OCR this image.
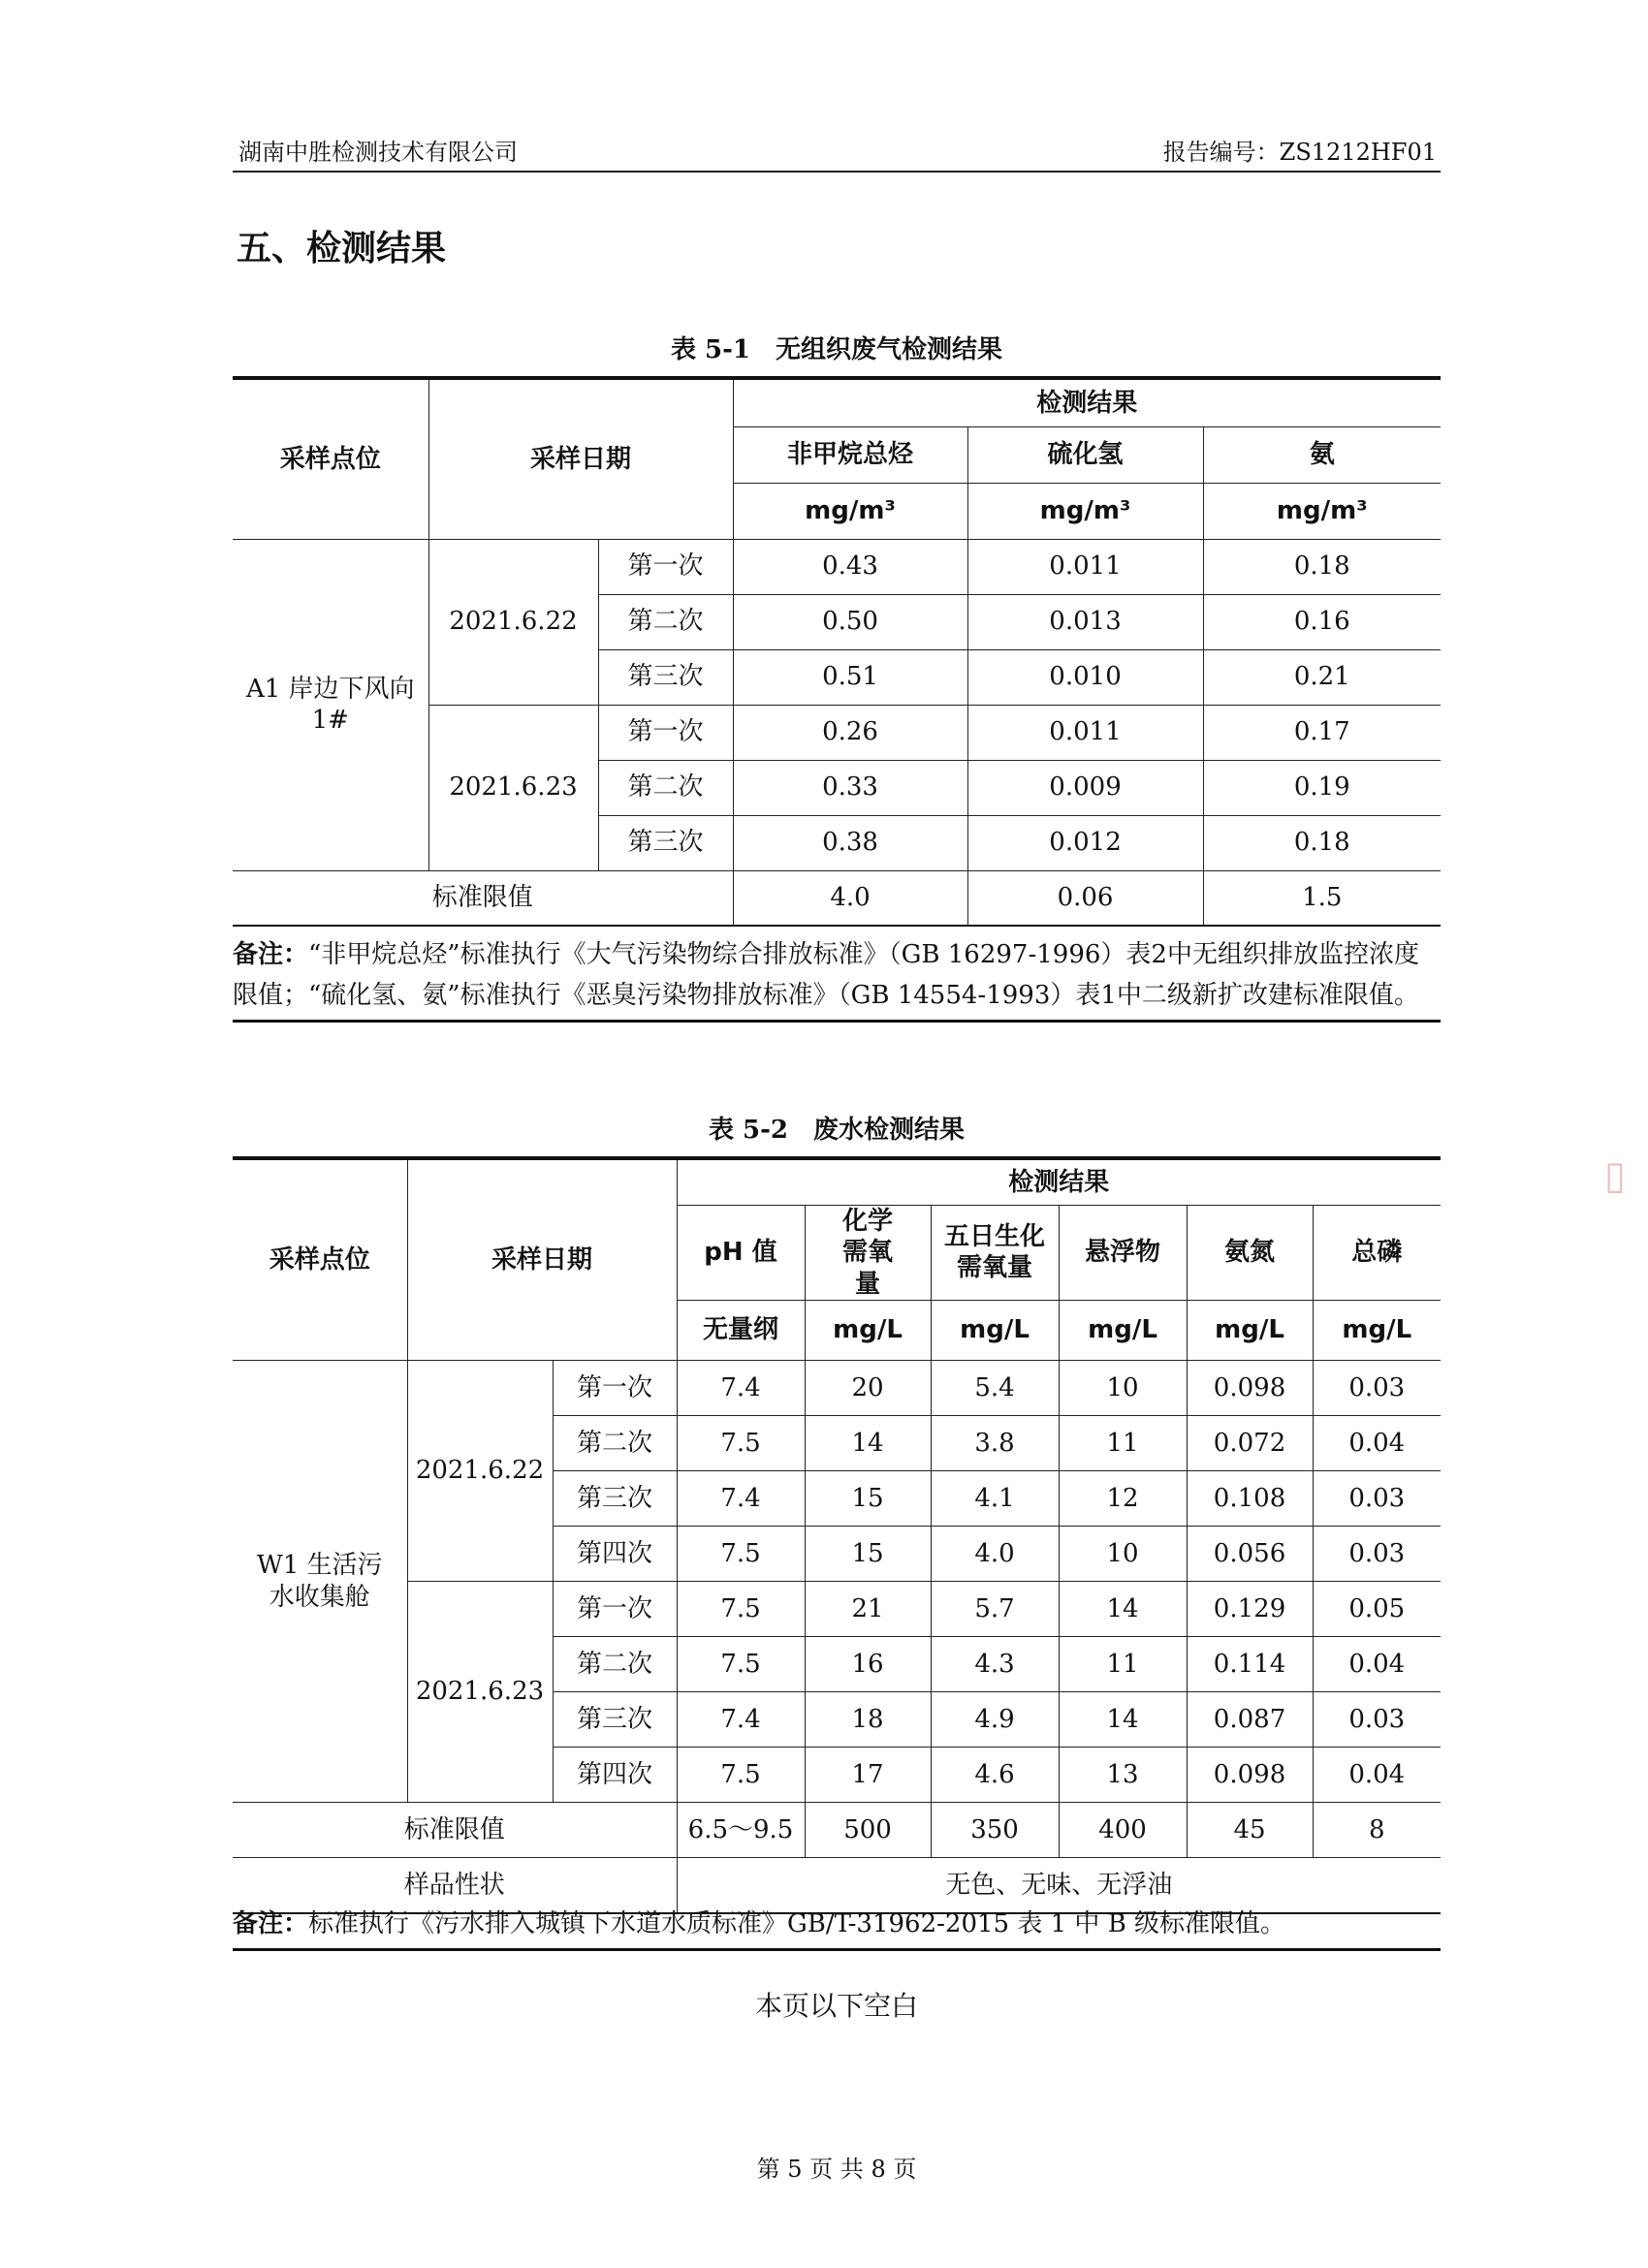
湖南中胜检测技术有限公司	报告编号：ZS1212HF01
五、检测结果
表 5-1 无组织废气检测结果
采样点位	采样日期		检测结果		
			非甲烷总烃	硫化氢	氨
			mg/m³	mg/m³	mg/m³
A1 岸边下风向 1#	2021.6.22	第一次	0.43	0.011	0.18
		第二次	0.50	0.013	0.16
		第三次	0.51	0.010	0.21
	2021.6.23	第一次	0.26	0.011	0.17
		第二次	0.33	0.009	0.19
		第三次	0.38	0.012	0.18
标准限值			4.0	0.06	1.5
备注：“非甲烷总烃”标准执行《大气污染物综合排放标准》（GB 16297-1996）表2中无组织排放监控浓度限值；“硫化氢、氨”标准执行《恶臭污染物排放标准》（GB 14554-1993）表1中二级新扩改建标准限值。
表 5-2 废水检测结果
采样点位	采样日期		检测结果					
			pH 值	化学需氧量	五日生化需氧量	悬浮物	氨氮	总磷
			无量纲	mg/L	mg/L	mg/L	mg/L	mg/L
W1 生活污水收集舱	2021.6.22	第一次	7.4	20	5.4	10	0.098	0.03
		第二次	7.5	14	3.8	11	0.072	0.04
		第三次	7.4	15	4.1	12	0.108	0.03
		第四次	7.5	15	4.0	10	0.056	0.03
	2021.6.23	第一次	7.5	21	5.7	14	0.129	0.05
		第二次	7.5	16	4.3	11	0.114	0.04
		第三次	7.4	18	4.9	14	0.087	0.03
		第四次	7.5	17	4.6	13	0.098	0.04
标准限值			6.5～9.5	500	350	400	45	8
样品性状			无色、无味、无浮油					
备注：标准执行《污水排入城镇下水道水质标准》GB/T-31962-2015 表 1 中 B 级标准限值。
本页以下空白
第 5 页 共 8 页
▯
